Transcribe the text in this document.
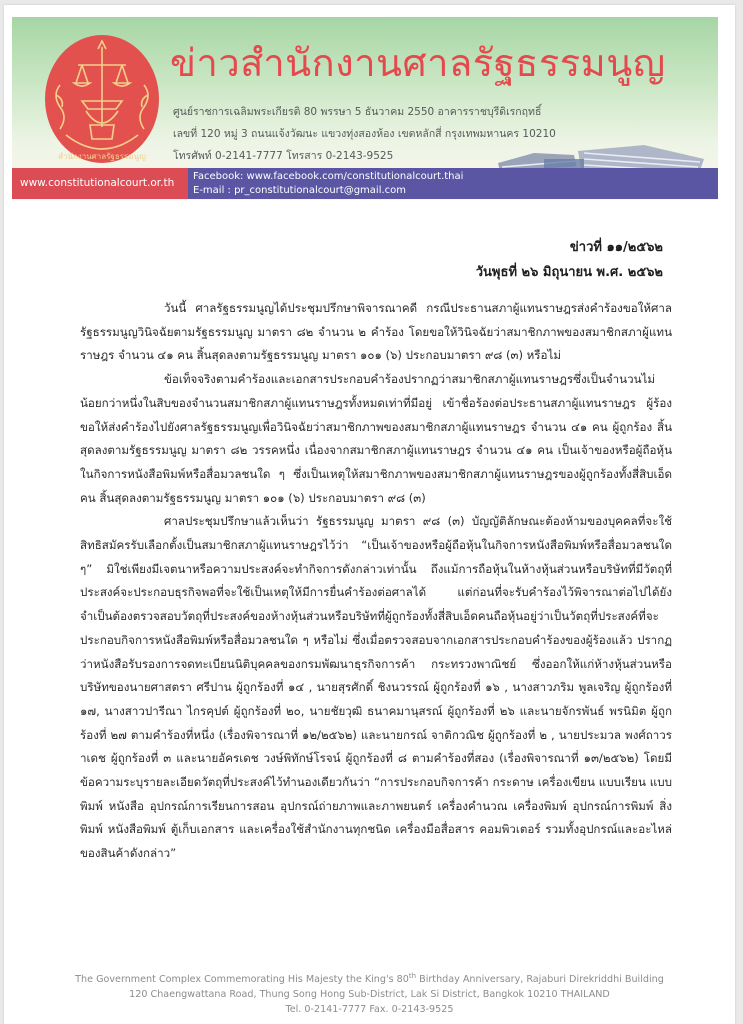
สำนักงานศาลรัฐธรรมนูญ
ข่าวสำนักงานศาลรัฐธรรมนูญ
ศูนย์ราชการเฉลิมพระเกียรติ 80 พรรษา 5 ธันวาคม 2550 อาคารราชบุรีดิเรกฤทธิ์
เลขที่ 120 หมู่ 3 ถนนแจ้งวัฒนะ แขวงทุ่งสองห้อง เขตหลักสี่ กรุงเทพมหานคร 10210
โทรศัพท์ 0-2141-7777 โทรสาร 0-2143-9525
www.constitutionalcourt.or.th
Facebook: www.facebook.com/constitutionalcourt.thai
E-mail : pr_constitutionalcourt@gmail.com
ข่าวที่ ๑๑/๒๕๖๒
วันพุธที่ ๒๖ มิถุนายน พ.ศ. ๒๕๖๒

วันนี้ ศาลรัฐธรรมนูญได้ประชุมปรึกษาพิจารณาคดี กรณีประธานสภาผู้แทนราษฎรส่งคำร้องขอให้ศาลรัฐธรรมนูญวินิจฉัยตามรัฐธรรมนูญ มาตรา ๘๒ จำนวน ๒ คำร้อง โดยขอให้วินิจฉัยว่าสมาชิกภาพของสมาชิกสภาผู้แทนราษฎร จำนวน ๔๑ คน สิ้นสุดลงตามรัฐธรรมนูญ มาตรา ๑๐๑ (๖) ประกอบมาตรา ๙๘ (๓) หรือไม่

ข้อเท็จจริงตามคำร้องและเอกสารประกอบคำร้องปรากฏว่าสมาชิกสภาผู้แทนราษฎรซึ่งเป็นจำนวนไม่น้อยกว่าหนึ่งในสิบของจำนวนสมาชิกสภาผู้แทนราษฎรทั้งหมดเท่าที่มีอยู่ เข้าชื่อร้องต่อประธานสภาผู้แทนราษฎร ผู้ร้อง ขอให้ส่งคำร้องไปยังศาลรัฐธรรมนูญเพื่อวินิจฉัยว่าสมาชิกภาพของสมาชิกสภาผู้แทนราษฎร จำนวน ๔๑ คน ผู้ถูกร้อง สิ้นสุดลงตามรัฐธรรมนูญ มาตรา ๘๒ วรรคหนึ่ง เนื่องจากสมาชิกสภาผู้แทนราษฎร จำนวน ๔๑ คน เป็นเจ้าของหรือผู้ถือหุ้นในกิจการหนังสือพิมพ์หรือสื่อมวลชนใด ๆ ซึ่งเป็นเหตุให้สมาชิกภาพของสมาชิกสภาผู้แทนราษฎรของผู้ถูกร้องทั้งสี่สิบเอ็ดคน สิ้นสุดลงตามรัฐธรรมนูญ มาตรา ๑๐๑ (๖) ประกอบมาตรา ๙๘ (๓)

ศาลประชุมปรึกษาแล้วเห็นว่า รัฐธรรมนูญ มาตรา ๙๘ (๓) บัญญัติลักษณะต้องห้ามของบุคคลที่จะใช้สิทธิสมัครรับเลือกตั้งเป็นสมาชิกสภาผู้แทนราษฎรไว้ว่า “เป็นเจ้าของหรือผู้ถือหุ้นในกิจการหนังสือพิมพ์หรือสื่อมวลชนใด ๆ” มิใช่เพียงมีเจตนาหรือความประสงค์จะทำกิจการดังกล่าวเท่านั้น ถึงแม้การถือหุ้นในห้างหุ้นส่วนหรือบริษัทที่มีวัตถุที่ประสงค์จะประกอบธุรกิจพอที่จะใช้เป็นเหตุให้มีการยื่นคำร้องต่อศาลได้ แต่ก่อนที่จะรับคำร้องไว้พิจารณาต่อไปได้ยังจำเป็นต้องตรวจสอบวัตถุที่ประสงค์ของห้างหุ้นส่วนหรือบริษัทที่ผู้ถูกร้องทั้งสี่สิบเอ็ดคนถือหุ้นอยู่ว่าเป็นวัตถุที่ประสงค์ที่จะประกอบกิจการหนังสือพิมพ์หรือสื่อมวลชนใด ๆ หรือไม่ ซึ่งเมื่อตรวจสอบจากเอกสารประกอบคำร้องของผู้ร้องแล้ว ปรากฏว่าหนังสือรับรองการจดทะเบียนนิติบุคคลของกรมพัฒนาธุรกิจการค้า กระทรวงพาณิชย์ ซึ่งออกให้แก่ห้างหุ้นส่วนหรือบริษัทของนายศาสตรา ศรีปาน ผู้ถูกร้องที่ ๑๔ , นายสุรศักดิ์ ชิงนวรรณ์ ผู้ถูกร้องที่ ๑๖ , นางสาวภริม พูลเจริญ ผู้ถูกร้องที่ ๑๗, นางสาวปารีณา ไกรคุปต์ ผู้ถูกร้องที่ ๒๐, นายชัยวุฒิ ธนาคมานุสรณ์ ผู้ถูกร้องที่ ๒๖ และนายจักรพันธ์ พรนิมิต ผู้ถูกร้องที่ ๒๗ ตามคำร้องที่หนึ่ง (เรื่องพิจารณาที่ ๑๒/๒๕๖๒) และนายกรณ์ จาติกวณิช ผู้ถูกร้องที่ ๒ , นายประมวล พงศ์ถาวราเดช ผู้ถูกร้องที่ ๓ และนายอัครเดช วงษ์พิทักษ์โรจน์ ผู้ถูกร้องที่ ๘ ตามคำร้องที่สอง (เรื่องพิจารณาที่ ๑๓/๒๕๖๒) โดยมีข้อความระบุรายละเอียดวัตถุที่ประสงค์ไว้ทำนองเดียวกันว่า “การประกอบกิจการค้า กระดาษ เครื่องเขียน แบบเรียน แบบพิมพ์ หนังสือ อุปกรณ์การเรียนการสอน อุปกรณ์ถ่ายภาพและภาพยนตร์ เครื่องคำนวณ เครื่องพิมพ์ อุปกรณ์การพิมพ์ สิ่งพิมพ์ หนังสือพิมพ์ ตู้เก็บเอกสาร และเครื่องใช้สำนักงานทุกชนิด เครื่องมือสื่อสาร คอมพิวเตอร์ รวมทั้งอุปกรณ์และอะไหล่ของสินค้าดังกล่าว”

The Government Complex Commemorating His Majesty the King's 80th Birthday Anniversary, Rajaburi Direkriddhi Building
120 Chaengwattana Road, Thung Song Hong Sub-District, Lak Si District, Bangkok 10210 THAILAND
Tel. 0-2141-7777 Fax. 0-2143-9525
